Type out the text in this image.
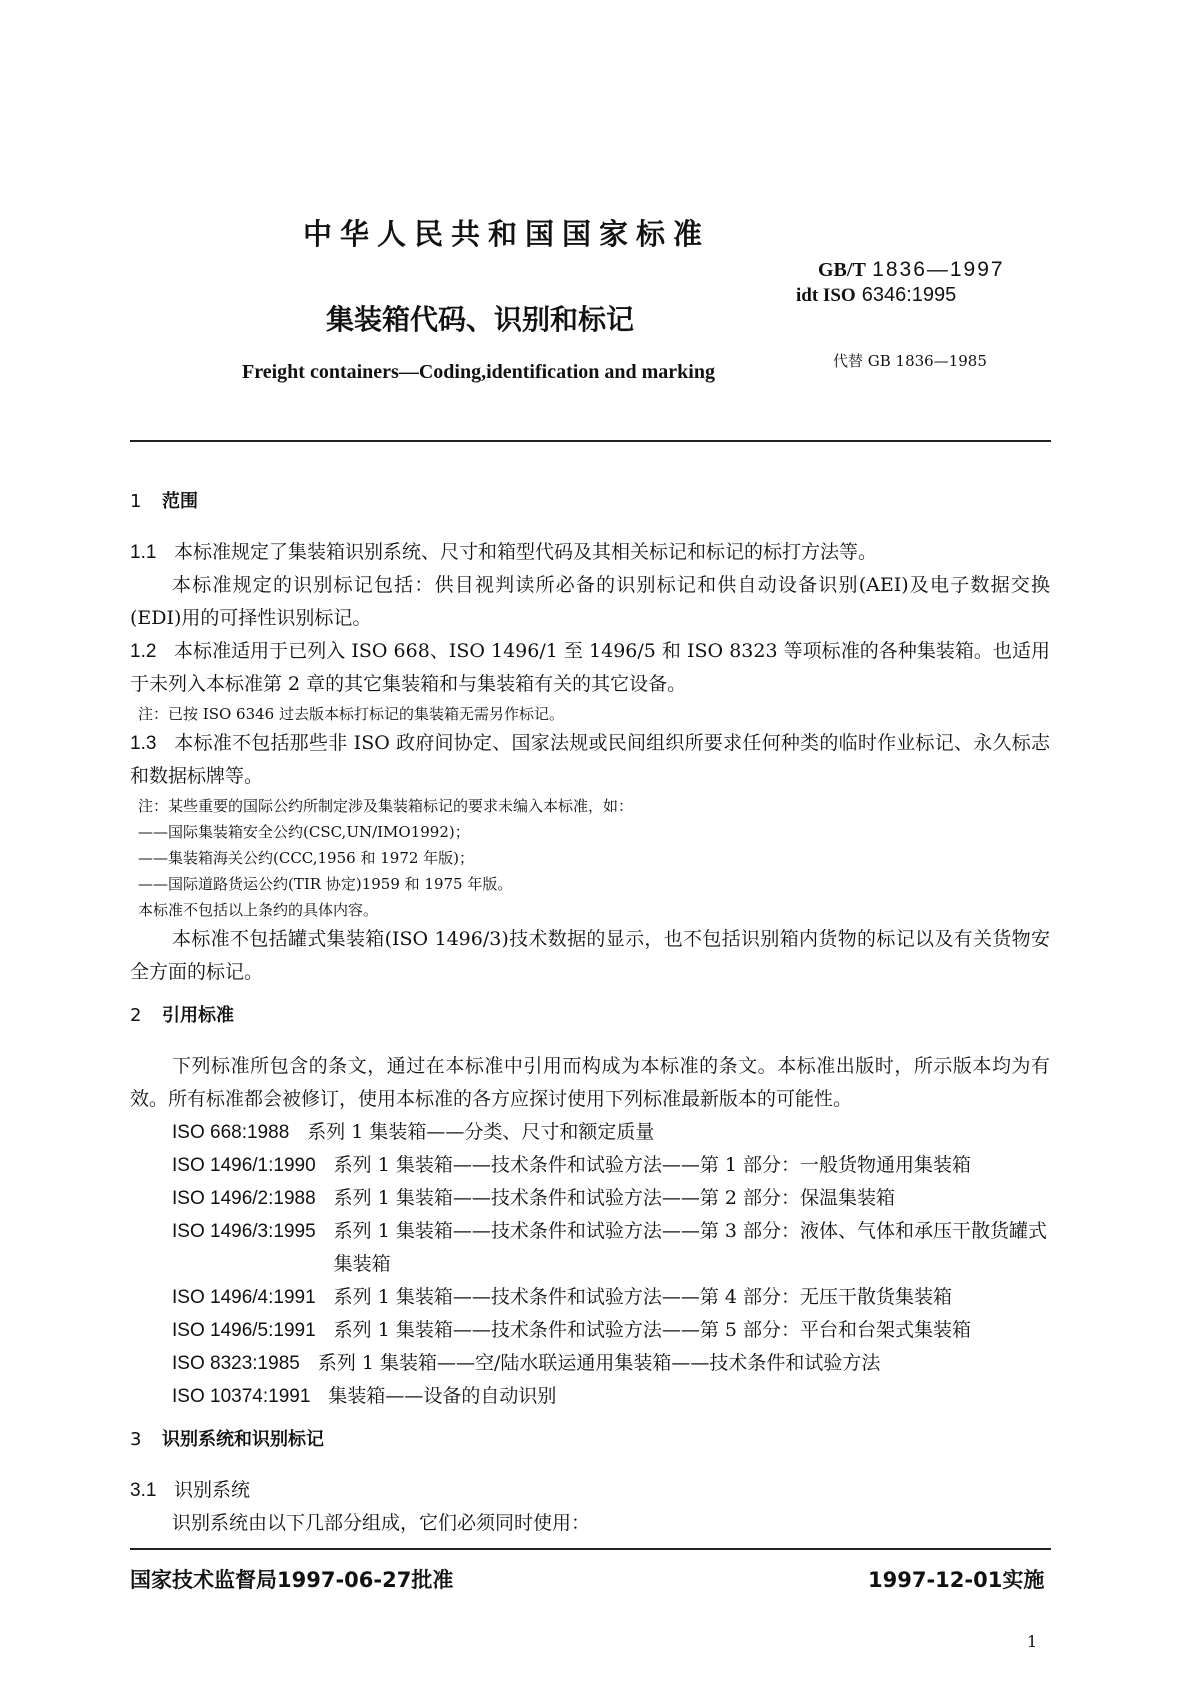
中华人民共和国国家标准
集装箱代码、识别和标记
Freight containers—Coding,identification and marking
GB/T 1836—1997
idt ISO 6346:1995
代替 GB 1836—1985
1 范围

1.1 本标准规定了集装箱识别系统、尺寸和箱型代码及其相关标记和标记的标打方法等。

本标准规定的识别标记包括：供目视判读所必备的识别标记和供自动设备识别(AEI)及电子数据交换(EDI)用的可择性识别标记。

1.2 本标准适用于已列入 ISO 668、ISO 1496/1 至 1496/5 和 ISO 8323 等项标准的各种集装箱。也适用于未列入本标准第 2 章的其它集装箱和与集装箱有关的其它设备。

注：已按 ISO 6346 过去版本标打标记的集装箱无需另作标记。

1.3 本标准不包括那些非 ISO 政府间协定、国家法规或民间组织所要求任何种类的临时作业标记、永久标志和数据标牌等。

注：某些重要的国际公约所制定涉及集装箱标记的要求未编入本标准，如：

——国际集装箱安全公约(CSC,UN/IMO1992)；

——集装箱海关公约(CCC,1956 和 1972 年版)；

——国际道路货运公约(TIR 协定)1959 和 1975 年版。

本标准不包括以上条约的具体内容。

本标准不包括罐式集装箱(ISO 1496/3)技术数据的显示，也不包括识别箱内货物的标记以及有关货物安全方面的标记。

2 引用标准

下列标准所包含的条文，通过在本标准中引用而构成为本标准的条文。本标准出版时，所示版本均为有效。所有标准都会被修订，使用本标准的各方应探讨使用下列标准最新版本的可能性。

ISO 668:1988 系列 1 集装箱——分类、尺寸和额定质量

ISO 1496/1:1990 系列 1 集装箱——技术条件和试验方法——第 1 部分：一般货物通用集装箱

ISO 1496/2:1988 系列 1 集装箱——技术条件和试验方法——第 2 部分：保温集装箱

ISO 1496/3:1995 系列 1 集装箱——技术条件和试验方法——第 3 部分：液体、气体和承压干散货罐式集装箱

ISO 1496/4:1991 系列 1 集装箱——技术条件和试验方法——第 4 部分：无压干散货集装箱

ISO 1496/5:1991 系列 1 集装箱——技术条件和试验方法——第 5 部分：平台和台架式集装箱

ISO 8323:1985 系列 1 集装箱——空/陆水联运通用集装箱——技术条件和试验方法

ISO 10374:1991 集装箱——设备的自动识别

3 识别系统和识别标记

3.1 识别系统

识别系统由以下几部分组成，它们必须同时使用：

国家技术监督局1997-06-27批准	1997-12-01实施
1
